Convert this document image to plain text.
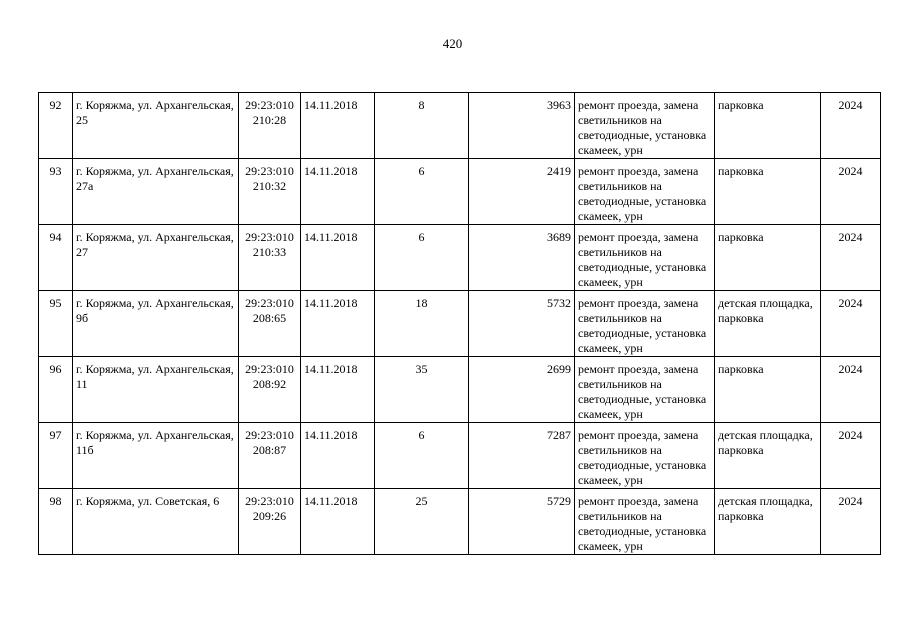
420
92	г. Коряжма, ул. Архангельская, 25	29:23:010 210:28	14.11.2018	8	3963	ремонт проезда, замена светильников на светодиодные, установка скамеек, урн	парковка	2024
93	г. Коряжма, ул. Архангельская, 27а	29:23:010 210:32	14.11.2018	6	2419	ремонт проезда, замена светильников на светодиодные, установка скамеек, урн	парковка	2024
94	г. Коряжма, ул. Архангельская, 27	29:23:010 210:33	14.11.2018	6	3689	ремонт проезда, замена светильников на светодиодные, установка скамеек, урн	парковка	2024
95	г. Коряжма, ул. Архангельская, 9б	29:23:010 208:65	14.11.2018	18	5732	ремонт проезда, замена светильников на светодиодные, установка скамеек, урн	детская площадка, парковка	2024
96	г. Коряжма, ул. Архангельская, 11	29:23:010 208:92	14.11.2018	35	2699	ремонт проезда, замена светильников на светодиодные, установка скамеек, урн	парковка	2024
97	г. Коряжма, ул. Архангельская, 11б	29:23:010 208:87	14.11.2018	6	7287	ремонт проезда, замена светильников на светодиодные, установка скамеек, урн	детская площадка, парковка	2024
98	г. Коряжма, ул. Советская, 6	29:23:010 209:26	14.11.2018	25	5729	ремонт проезда, замена светильников на светодиодные, установка скамеек, урн	детская площадка, парковка	2024
